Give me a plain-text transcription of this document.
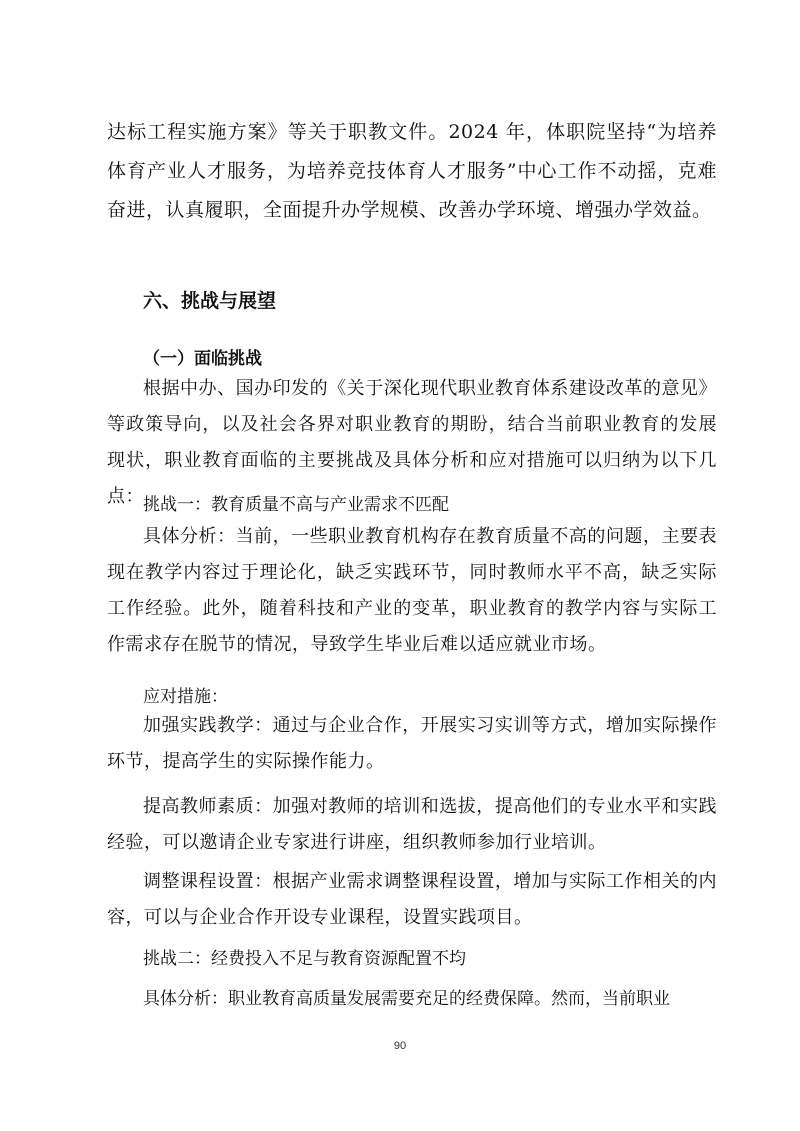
达标工程实施方案》等关于职教文件。2024 年，体职院坚持“为培养体育产业人才服务，为培养竞技体育人才服务”中心工作不动摇，克难奋进，认真履职，全面提升办学规模、改善办学环境、增强办学效益。

六、挑战与展望
（一）面临挑战

根据中办、国办印发的《关于深化现代职业教育体系建设改革的意见》等政策导向，以及社会各界对职业教育的期盼，结合当前职业教育的发展现状，职业教育面临的主要挑战及具体分析和应对措施可以归纳为以下几点： 挑战一：教育质量不高与产业需求不匹配

具体分析：当前，一些职业教育机构存在教育质量不高的问题，主要表现在教学内容过于理论化，缺乏实践环节，同时教师水平不高，缺乏实际工作经验。此外，随着科技和产业的变革，职业教育的教学内容与实际工作需求存在脱节的情况，导致学生毕业后难以适应就业市场。

应对措施：

加强实践教学：通过与企业合作，开展实习实训等方式，增加实际操作环节，提高学生的实际操作能力。

提高教师素质：加强对教师的培训和选拔，提高他们的专业水平和实践经验，可以邀请企业专家进行讲座，组织教师参加行业培训。

调整课程设置：根据产业需求调整课程设置，增加与实际工作相关的内容，可以与企业合作开设专业课程，设置实践项目。

挑战二：经费投入不足与教育资源配置不均
具体分析：职业教育高质量发展需要充足的经费保障。然而，当前职业
90
